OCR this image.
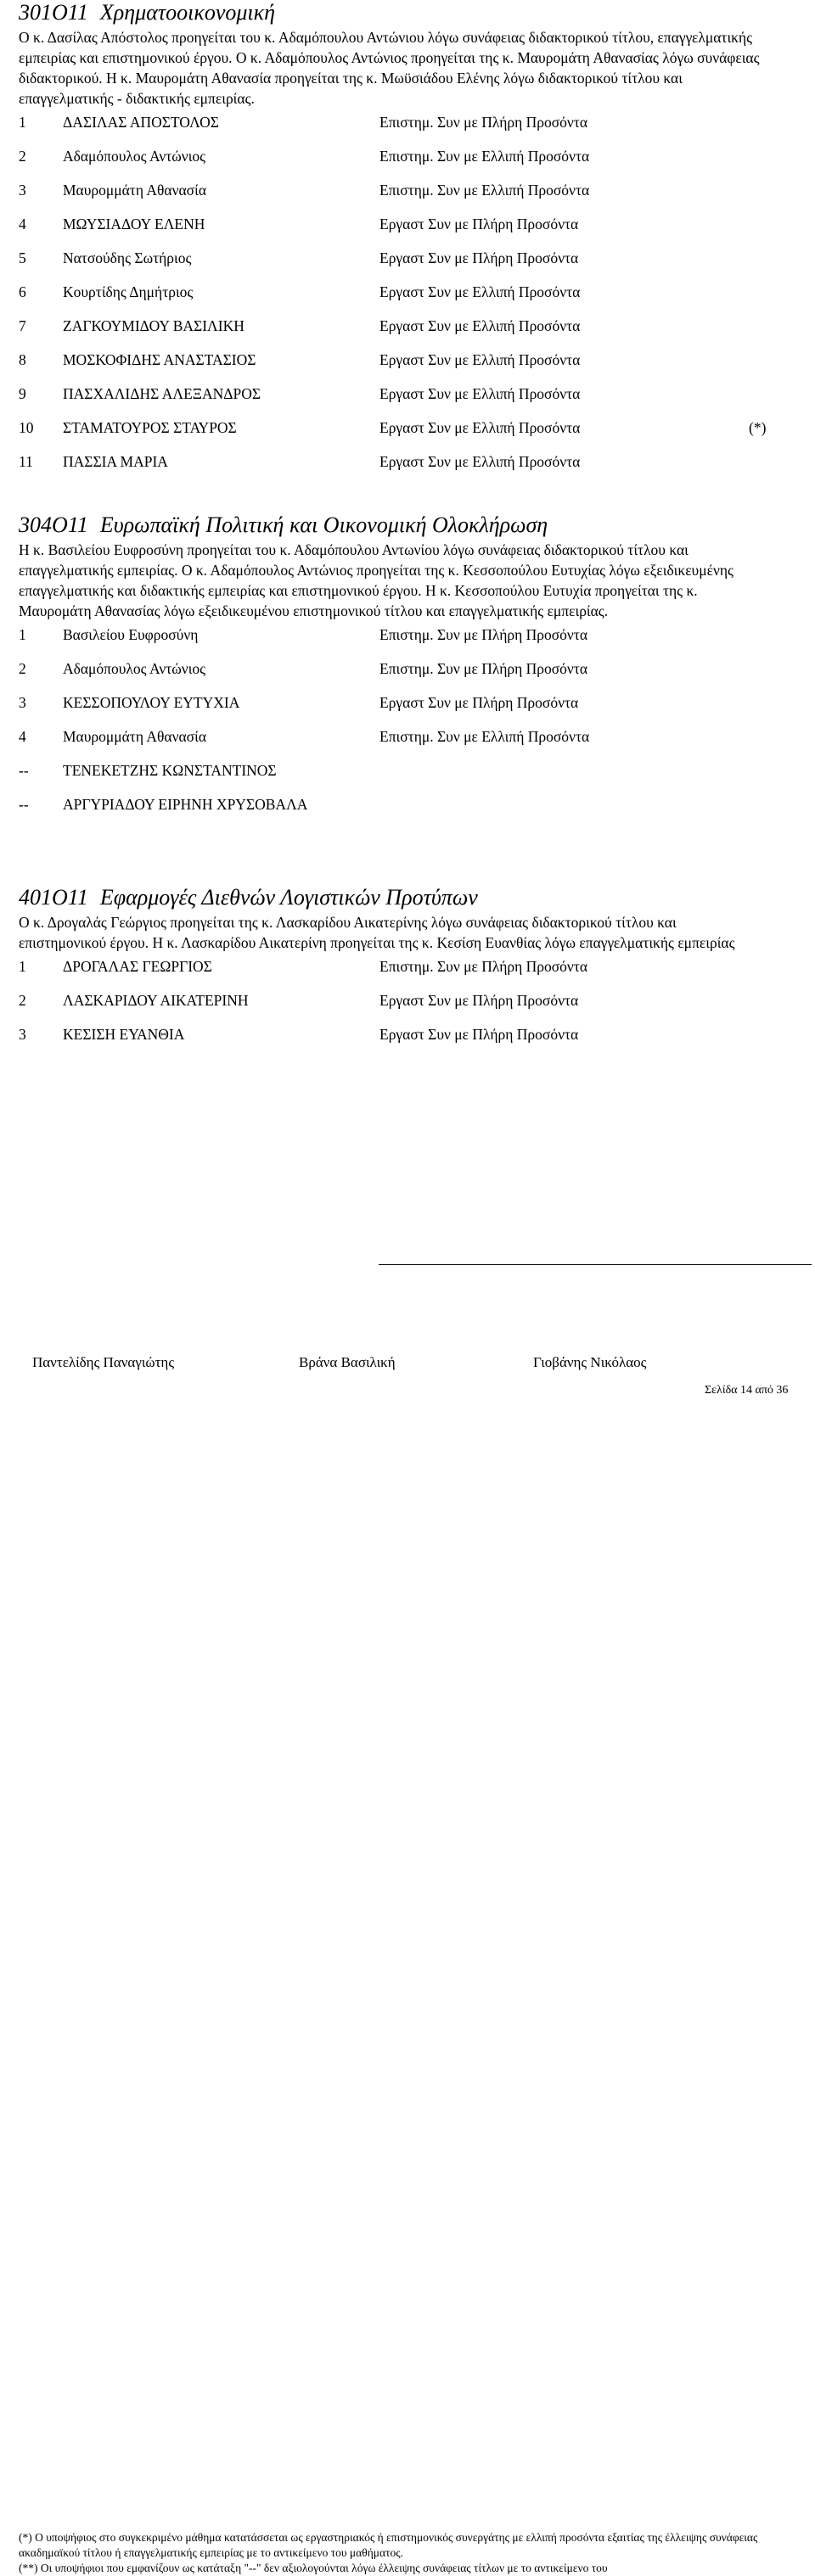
301Ο11 Χρηματοοικονομική

Ο κ. Δασίλας Απόστολος προηγείται του κ. Αδαμόπουλου Αντώνιου λόγω συνάφειας διδακτορικού τίτλου, επαγγελματικής εμπειρίας και επιστημονικού έργου. Ο κ. Αδαμόπουλος Αντώνιος προηγείται της κ. Μαυρομάτη Αθανασίας λόγω συνάφειας διδακτορικού. Η κ. Μαυρομάτη Αθανασία προηγείται της κ. Μωϋσιάδου Ελένης λόγω διδακτορικού τίτλου και επαγγελματικής - διδακτικής εμπειρίας.

1 ΔΑΣΙΛΑΣ ΑΠΟΣΤΟΛΟΣ	Επιστημ. Συν με Πλήρη Προσόντα
2 Αδαμόπουλος Αντώνιος	Επιστημ. Συν με Ελλιπή Προσόντα
3 Μαυρομμάτη Αθανασία	Επιστημ. Συν με Ελλιπή Προσόντα
4 ΜΩΥΣΙΑΔΟΥ ΕΛΕΝΗ	Εργαστ Συν με Πλήρη Προσόντα
5 Νατσούδης Σωτήριος	Εργαστ Συν με Πλήρη Προσόντα
6 Κουρτίδης Δημήτριος	Εργαστ Συν με Ελλιπή Προσόντα
7 ΖΑΓΚΟΥΜΙΔΟΥ ΒΑΣΙΛΙΚΗ	Εργαστ Συν με Ελλιπή Προσόντα
8 ΜΟΣΚΟΦΙΔΗΣ ΑΝΑΣΤΑΣΙΟΣ	Εργαστ Συν με Ελλιπή Προσόντα
9 ΠΑΣΧΑΛΙΔΗΣ ΑΛΕΞΑΝΔΡΟΣ	Εργαστ Συν με Ελλιπή Προσόντα
10 ΣΤΑΜΑΤΟΥΡΟΣ ΣΤΑΥΡΟΣ	Εργαστ Συν με Ελλιπή Προσόντα	(*)
11 ΠΑΣΣΙΑ ΜΑΡΙΑ	Εργαστ Συν με Ελλιπή Προσόντα
304Ο11 Ευρωπαϊκή Πολιτική και Οικονομική Ολοκλήρωση

Η κ. Βασιλείου Ευφροσύνη προηγείται του κ. Αδαμόπουλου Αντωνίου λόγω συνάφειας διδακτορικού τίτλου και επαγγελματικής εμπειρίας. Ο κ. Αδαμόπουλος Αντώνιος προηγείται της κ. Κεσσοπούλου Ευτυχίας λόγω εξειδικευμένης επαγγελματικής και διδακτικής εμπειρίας και επιστημονικού έργου. Η κ. Κεσσοπούλου Ευτυχία προηγείται της κ. Μαυρομάτη Αθανασίας λόγω εξειδικευμένου επιστημονικού τίτλου και επαγγελματικής εμπειρίας.

1 Βασιλείου Ευφροσύνη	Επιστημ. Συν με Πλήρη Προσόντα
2 Αδαμόπουλος Αντώνιος	Επιστημ. Συν με Πλήρη Προσόντα
3 ΚΕΣΣΟΠΟΥΛΟΥ ΕΥΤΥΧΙΑ	Εργαστ Συν με Πλήρη Προσόντα
4 Μαυρομμάτη Αθανασία	Επιστημ. Συν με Ελλιπή Προσόντα
-- ΤΕΝΕΚΕΤΖΗΣ ΚΩΝΣΤΑΝΤΙΝΟΣ
-- ΑΡΓΥΡΙΑΔΟΥ ΕΙΡΗΝΗ ΧΡΥΣΟΒΑΛΑ
401Ο11 Εφαρμογές Διεθνών Λογιστικών Προτύπων

Ο κ. Δρογαλάς Γεώργιος προηγείται της κ. Λασκαρίδου Αικατερίνης λόγω συνάφειας διδακτορικού τίτλου και επιστημονικού έργου. Η κ. Λασκαρίδου Αικατερίνη προηγείται της κ. Κεσίση Ευανθίας λόγω επαγγελματικής εμπειρίας

1 ΔΡΟΓΑΛΑΣ ΓΕΩΡΓΙΟΣ	Επιστημ. Συν με Πλήρη Προσόντα
2 ΛΑΣΚΑΡΙΔΟΥ ΑΙΚΑΤΕΡΙΝΗ	Εργαστ Συν με Πλήρη Προσόντα
3 ΚΕΣΙΣΗ ΕΥΑΝΘΙΑ	Εργαστ Συν με Πλήρη Προσόντα
(*) Ο υποψήφιος στο συγκεκριμένο μάθημα κατατάσσεται ως εργαστηριακός ή επιστημονικός συνεργάτης με ελλιπή προσόντα εξαιτίας της έλλειψης συνάφειας ακαδημαϊκού τίτλου ή επαγγελματικής εμπειρίας με το αντικείμενο του μαθήματος.
(**) Οι υποψήφιοι που εμφανίζουν ως κατάταξη "--" δεν αξιολογούνται λόγω έλλειψης συνάφειας τίτλων με το αντικείμενο του
Παντελίδης Παναγιώτης	Βράνα Βασιλική	Γιοβάνης Νικόλαος
Σελίδα 14 από 36
